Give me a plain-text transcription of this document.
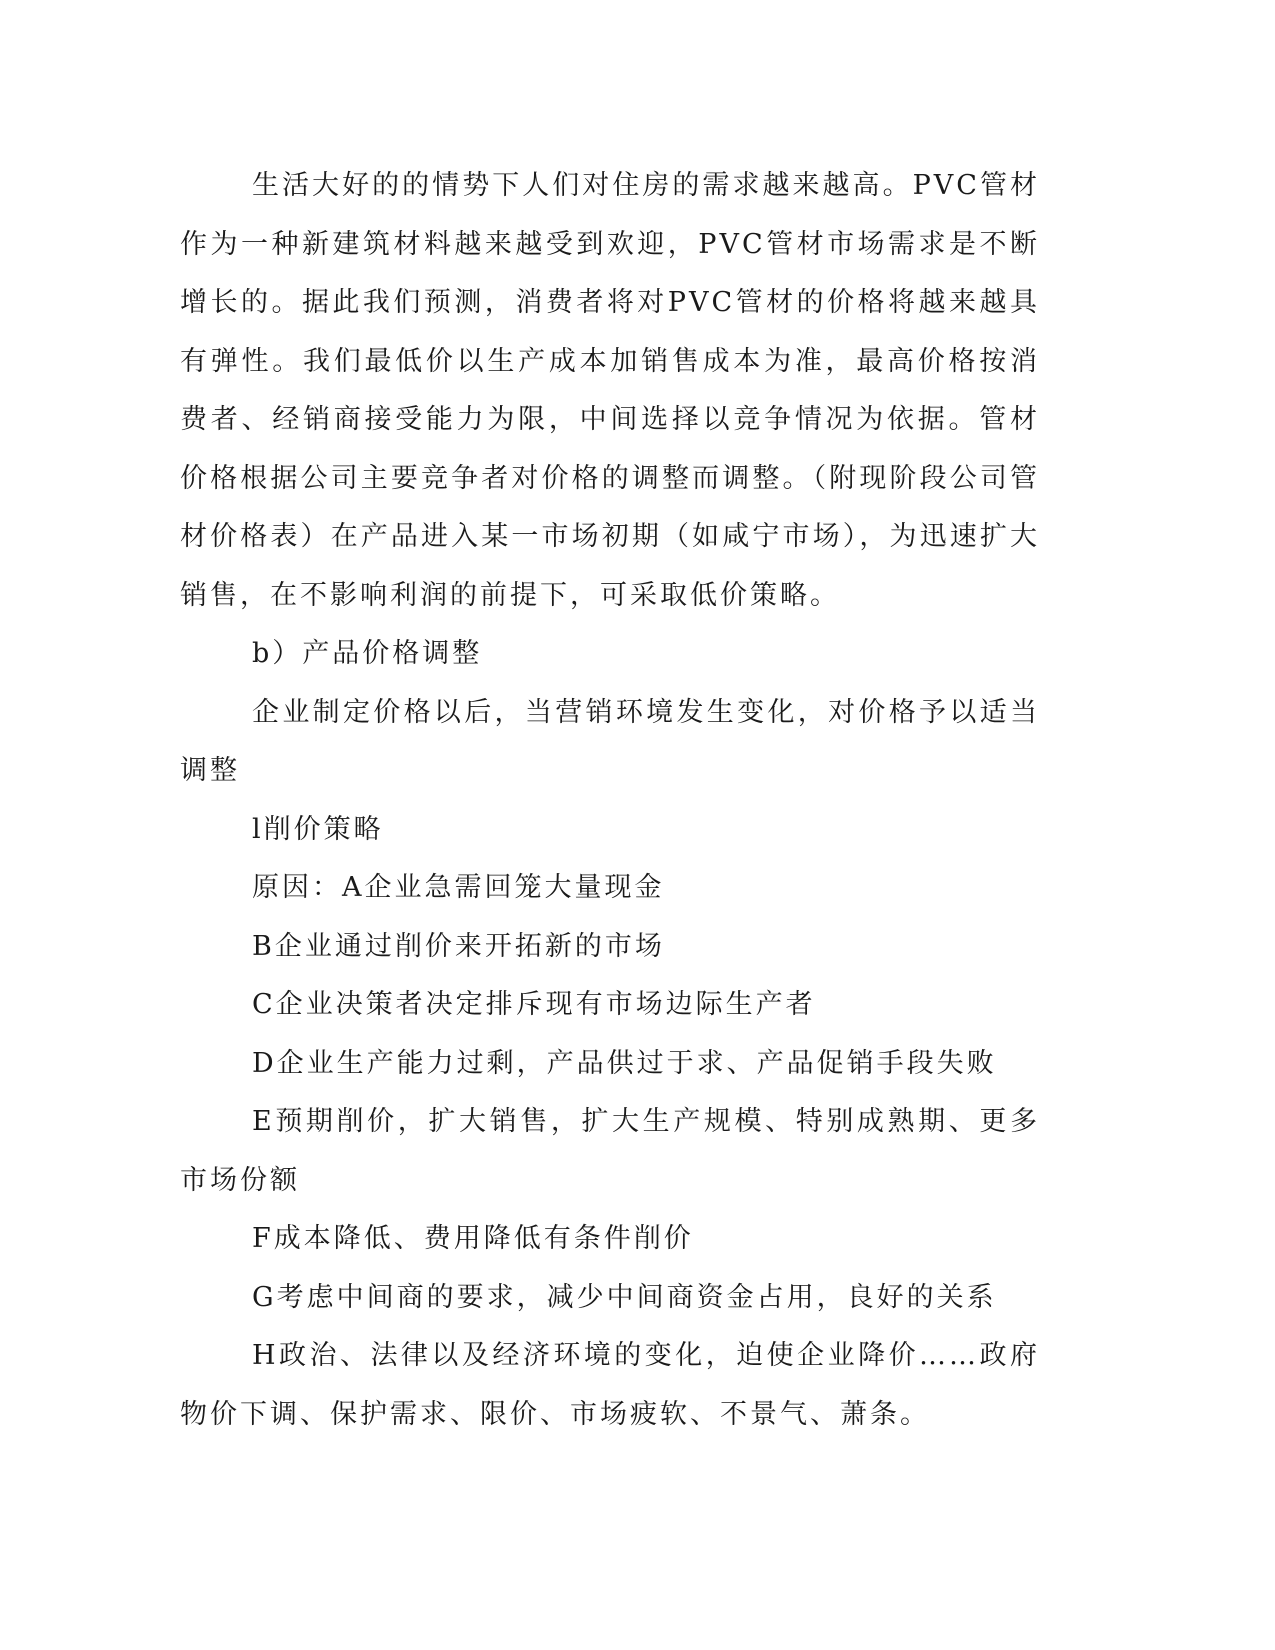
生活大好的的情势下人们对住房的需求越来越高。PVC管材作为一种新建筑材料越来越受到欢迎，PVC管材市场需求是不断增长的。据此我们预测，消费者将对PVC管材的价格将越来越具有弹性。我们最低价以生产成本加销售成本为准，最高价格按消费者、经销商接受能力为限，中间选择以竞争情况为依据。管材价格根据公司主要竞争者对价格的调整而调整。（附现阶段公司管材价格表）在产品进入某一市场初期（如咸宁市场），为迅速扩大销售，在不影响利润的前提下，可采取低价策略。

b）产品价格调整

企业制定价格以后，当营销环境发生变化，对价格予以适当调整

l削价策略

原因：A企业急需回笼大量现金

B企业通过削价来开拓新的市场

C企业决策者决定排斥现有市场边际生产者

D企业生产能力过剩，产品供过于求、产品促销手段失败

E预期削价，扩大销售，扩大生产规模、特别成熟期、更多市场份额

F成本降低、费用降低有条件削价

G考虑中间商的要求，减少中间商资金占用，良好的关系

H政治、法律以及经济环境的变化，迫使企业降价……政府物价下调、保护需求、限价、市场疲软、不景气、萧条。
